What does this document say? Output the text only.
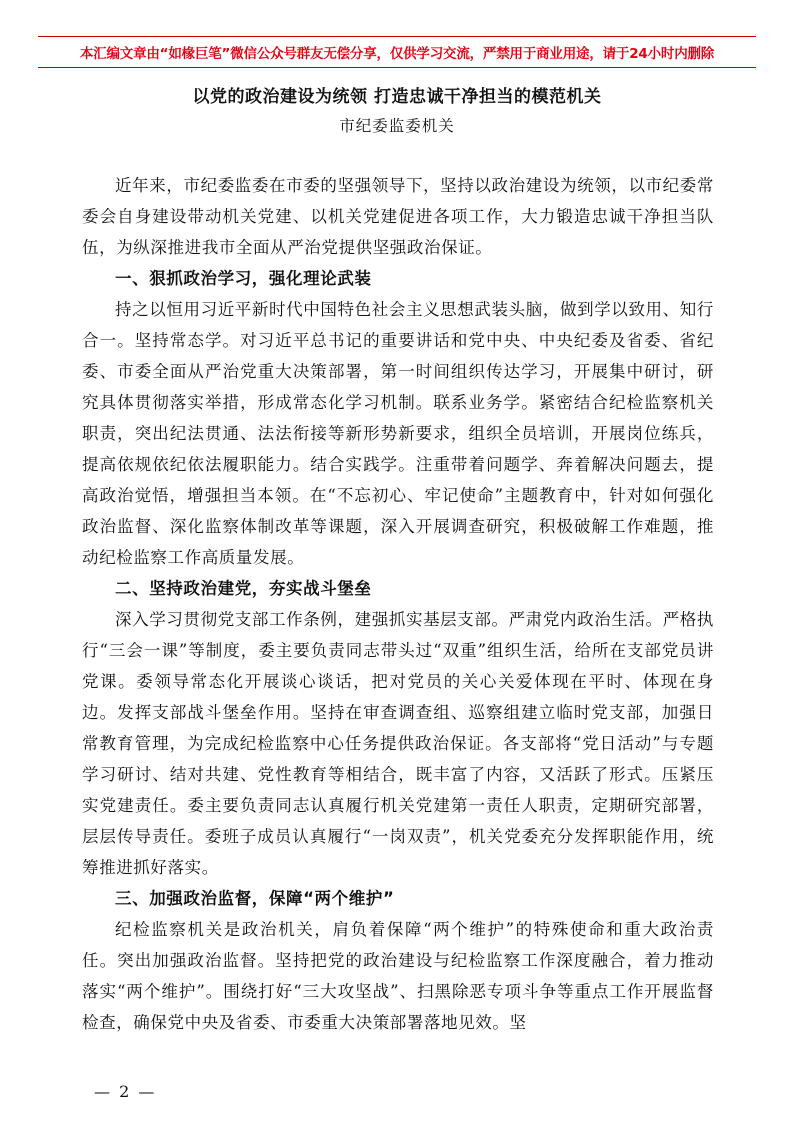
本汇编文章由“如椽巨笔”微信公众号群友无偿分享，仅供学习交流，严禁用于商业用途，请于24小时内删除
以党的政治建设为统领 打造忠诚干净担当的模范机关
市纪委监委机关

近年来，市纪委监委在市委的坚强领导下，坚持以政治建设为统领，以市纪委常委会自身建设带动机关党建、以机关党建促进各项工作，大力锻造忠诚干净担当队伍，为纵深推进我市全面从严治党提供坚强政治保证。

一、狠抓政治学习，强化理论武装

持之以恒用习近平新时代中国特色社会主义思想武装头脑，做到学以致用、知行合一。坚持常态学。对习近平总书记的重要讲话和党中央、中央纪委及省委、省纪委、市委全面从严治党重大决策部署，第一时间组织传达学习，开展集中研讨，研究具体贯彻落实举措，形成常态化学习机制。联系业务学。紧密结合纪检监察机关职责，突出纪法贯通、法法衔接等新形势新要求，组织全员培训，开展岗位练兵，提高依规依纪依法履职能力。结合实践学。注重带着问题学、奔着解决问题去，提高政治觉悟，增强担当本领。在“不忘初心、牢记使命”主题教育中，针对如何强化政治监督、深化监察体制改革等课题，深入开展调查研究，积极破解工作难题，推动纪检监察工作高质量发展。

二、坚持政治建党，夯实战斗堡垒

深入学习贯彻党支部工作条例，建强抓实基层支部。严肃党内政治生活。严格执行“三会一课”等制度，委主要负责同志带头过“双重”组织生活，给所在支部党员讲党课。委领导常态化开展谈心谈话，把对党员的关心关爱体现在平时、体现在身边。发挥支部战斗堡垒作用。坚持在审查调查组、巡察组建立临时党支部，加强日常教育管理，为完成纪检监察中心任务提供政治保证。各支部将“党日活动”与专题学习研讨、结对共建、党性教育等相结合，既丰富了内容，又活跃了形式。压紧压实党建责任。委主要负责同志认真履行机关党建第一责任人职责，定期研究部署，层层传导责任。委班子成员认真履行“一岗双责”，机关党委充分发挥职能作用，统筹推进抓好落实。

三、加强政治监督，保障“两个维护”

纪检监察机关是政治机关，肩负着保障“两个维护”的特殊使命和重大政治责任。突出加强政治监督。坚持把党的政治建设与纪检监察工作深度融合，着力推动落实“两个维护”。围绕打好“三大攻坚战”、扫黑除恶专项斗争等重点工作开展监督检查，确保党中央及省委、市委重大决策部署落地见效。坚

— 2 —
